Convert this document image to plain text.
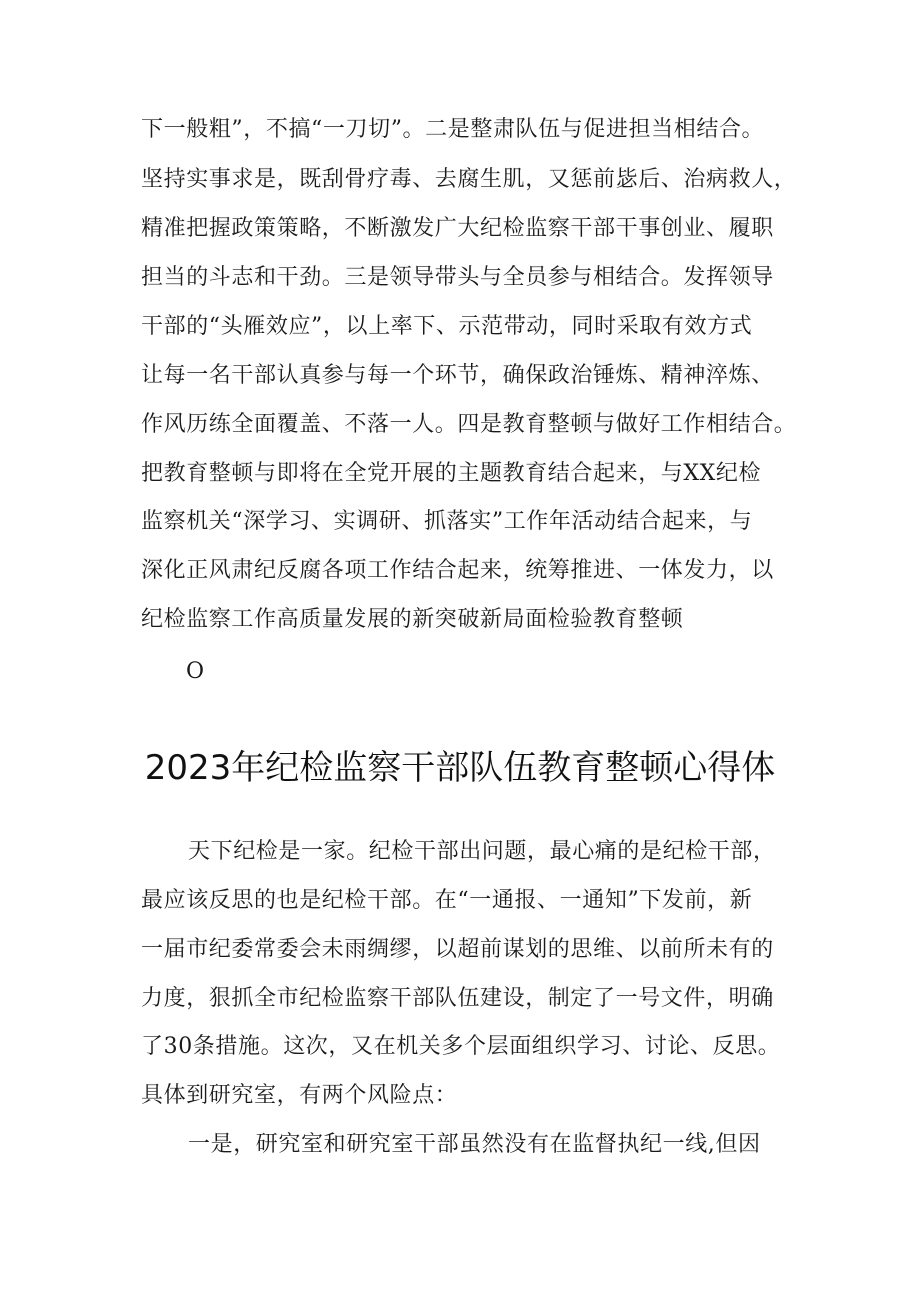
下一般粗”，不搞“一刀切”。二是整肃队伍与促进担当相结合。
坚持实事求是，既刮骨疗毒、去腐生肌，又惩前毖后、治病救人，
精准把握政策策略，不断激发广大纪检监察干部干事创业、履职
担当的斗志和干劲。三是领导带头与全员参与相结合。发挥领导
干部的“头雁效应”，以上率下、示范带动，同时采取有效方式
让每一名干部认真参与每一个环节，确保政治锤炼、精神淬炼、
作风历练全面覆盖、不落一人。四是教育整顿与做好工作相结合。
把教育整顿与即将在全党开展的主题教育结合起来，与XX纪检
监察机关“深学习、实调研、抓落实”工作年活动结合起来，与
深化正风肃纪反腐各项工作结合起来，统筹推进、一体发力，以
纪检监察工作高质量发展的新突破新局面检验教育整顿
O
2023年纪检监察干部队伍教育整顿心得体
天下纪检是一家。纪检干部出问题，最心痛的是纪检干部，
最应该反思的也是纪检干部。在“一通报、一通知”下发前，新
一届市纪委常委会未雨绸缪，以超前谋划的思维、以前所未有的
力度，狠抓全市纪检监察干部队伍建设，制定了一号文件，明确
了30条措施。这次，又在机关多个层面组织学习、讨论、反思。
具体到研究室，有两个风险点：
一是，研究室和研究室干部虽然没有在监督执纪一线,但因
